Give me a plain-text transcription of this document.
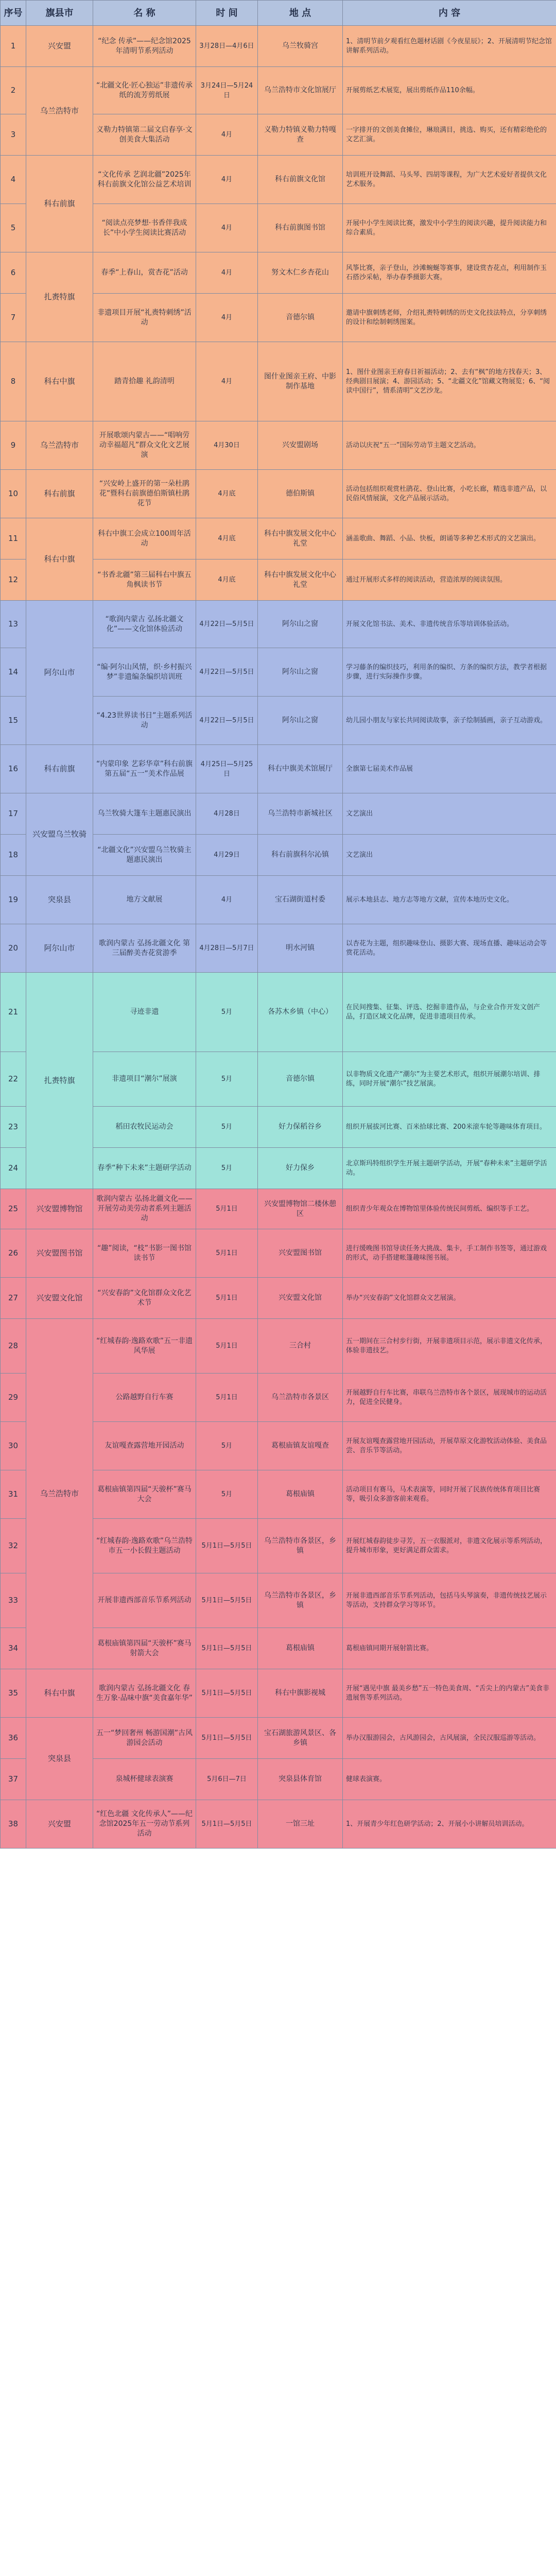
序号	旗县市	名 称	时 间	地 点	内 容
1	兴安盟	“纪念 传承”——纪念馆2025年清明节系列活动	3月28日—4月6日	乌兰牧骑宫	1、清明节前夕观看红色题材话剧《今夜星辰》；2、开展清明节纪念馆讲解系列活动。
2	乌兰浩特市	“北疆文化·匠心独运”非遗传承纸的流芳剪纸展	3月24日—5月24日	乌兰浩特市文化馆展厅	开展剪纸艺术展览，展出剪纸作品110余幅。
3		义勒力特镇第二届文启春享·文创美食大集活动	4月	义勒力特镇义勒力特嘎查	一字排开的文创美食摊位，琳琅满目，挑选、购买，还有精彩绝伦的文艺汇演。
4	科右前旗	“文化传承 艺润北疆”2025年科右前旗文化馆公益艺术培训	4月	科右前旗文化馆	培训班开设舞蹈、马头琴、四胡等课程，为广大艺术爱好者提供文化艺术服务。
5		“阅读点亮梦想·书香伴我成长”中小学生阅读比赛活动	4月	科右前旗图书馆	开展中小学生阅读比赛，激发中小学生的阅读兴趣，提升阅读能力和综合素质。
6	扎赉特旗	春季“上春山，赏杏花”活动	4月	努文木仁乡杏花山	风筝比赛，亲子登山，沙滩蜿蜒等赛事，建设赏杏花点，利用制作玉石搭沙采帖，举办春季摄影大赛。
7		非遗项目开展“礼赉特刺绣”活动	4月	音德尔镇	邀请中旗刺绣老师，介绍礼赉特刺绣的历史文化技法特点，分享刺绣的设计和绘制刺绣图案。
8	科右中旗	踏青拾趣 礼韵清明	4月	图什业图亲王府、中影制作基地	1、图什业图亲王府春日祈福活动；2、去有“枫”的地方找春天；3、经典剧目展演；4、游园活动；5、“北疆文化”馆藏文物展览；6、“阅读中国行”，情系清明”文艺沙龙。
9	乌兰浩特市	开展歌颂内蒙古——“唱响劳动幸福超凡”群众文化文艺展演	4月30日	兴安盟剧场	活动以庆祝“五一”国际劳动节主题文艺活动。
10	科右前旗	“兴安岭上盛开的第一朵杜鹃花”暨科右前旗德伯斯镇杜鹃花节	4月底	德伯斯镇	活动包括组织观赏杜鹃花、登山比赛，小吃长廊，精选非遗产品，以民俗风情展演，文化产品展示活动。
11	科右中旗	科右中旗工会成立100周年活动	4月底	科右中旗发展文化中心礼堂	涵盖歌曲、舞蹈、小品、快板，朗诵等多种艺术形式的文艺演出。
12		“书香北疆”第三届科右中旗五角枫读书节	4月底	科右中旗发展文化中心礼堂	通过开展形式多样的阅读活动，营造浓厚的阅读氛围。
13	阿尔山市	“歌润内蒙古 弘扬北疆文化”——文化馆体验活动	4月22日—5月5日	阿尔山之窗	开展文化馆书法、美术、非遗传统音乐等培训体验活动。
14		“编·阿尔山风情，织·乡村振兴梦”非遗编条编织培训班	4月22日—5月5日	阿尔山之窗	学习藤条的编织技巧，利用条的编织、方条的编织方法，教学者根据步骤，进行实际操作步骤。
15		“4.23世界读书日”主题系列活动	4月22日—5月5日	阿尔山之窗	幼儿园小朋友与家长共同阅读故事，亲子绘制插画，亲子互动游戏。
16	科右前旗	“内蒙印象 艺彩华章”科右前旗第五届“五一”美术作品展	4月25日—5月25日	科右中旗美术馆展厅	全旗第七届美术作品展
17	兴安盟乌兰牧骑	乌兰牧骑大篷车主题惠民演出	4月28日	乌兰浩特市新城社区	文艺演出
18		“北疆文化”兴安盟乌兰牧骑主题惠民演出	4月29日	科右前旗科尔沁镇	文艺演出
19	突泉县	地方文献展	4月	宝石湖街道村委	展示本地县志、地方志等地方文献，宣传本地历史文化。
20	阿尔山市	歌润内蒙古 弘扬北疆文化 第三届醉美杏花赏游季	4月28日—5月7日	明水河镇	以杏花为主题，组织趣味登山、摄影大赛、现场直播、趣味运动会等赏花活动。
21	扎赉特旗	寻迹非遗	5月	各苏木乡镇（中心）	在民间搜集、征集、评选、挖掘非遗作品，与企业合作开发文创产品，打造区域文化品牌，促进非遗项目传承。
22		非遗项目“潮尔”展演	5月	音德尔镇	以非物质文化遗产“潮尔”为主要艺术形式，组织开展潮尔培训、排练，同时开展“潮尔”技艺展演。
23		稻田农牧民运动会	5月	好力保稻谷乡	组织开展拔河比赛、百米拾球比赛、200米滚车轮等趣味体育项目。
24		春季“种下未来”主题研学活动	5月	好力保乡	北京斯玛特组织学生开展主题研学活动，开展“春种未来”主题研学活动。
25	兴安盟博物馆	歌润内蒙古 弘扬北疆文化——开展劳动美劳动者系列主题活动	5月1日	兴安盟博物馆二楼休憩区	组织青少年观众在博物馆里体验传统民间剪纸、编织等手工艺。
26	兴安盟图书馆	“趣”阅读，“枝”书影一图书馆读书节	5月1日	兴安盟图书馆	进行缓晚图书馆导读任务大挑战、集卡，手工制作书签等，通过游戏的形式，动手搭建帐篷趣味图书展。
27	兴安盟文化馆	“兴安春韵”文化馆群众文化艺术节	5月1日	兴安盟文化馆	举办“兴安春韵”文化馆群众文艺展演。
28	乌兰浩特市	“红城春韵·逸路欢歌”五一非遗风华展	5月1日	三合村	五一期间在三合村步行街，开展非遗项目示范，展示非遗文化传承，体验非遗技艺。
29		公路越野自行车赛	5月1日	乌兰浩特市各景区	开展越野自行车比赛，串联乌兰浩特市各个景区，展现城市的运动活力，促进全民健身。
30		友谊嘎查露营地开园活动	5月	葛根庙镇友谊嘎查	开展友谊嘎查露营地开园活动，开展草原文化游牧活动体验、美食品尝、音乐节等活动。
31		葛根庙镇第四届“天骏杯”赛马大会	5月	葛根庙镇	活动项目有赛马，马术表演等，同时开展了民族传统体育项目比赛等，吸引众多游客前来观看。
32		“红城春韵·逸路欢歌”乌兰浩特市五一小长假主题活动	5月1日—5月5日	乌兰浩特市各景区，乡镇	开展红城春韵徒步寻芳，五一衣服派对，非遗文化展示等系列活动，提升城市形象，更好满足群众需求。
33		开展非遗西部音乐节系列活动	5月1日—5月5日	乌兰浩特市各景区，乡镇	开展非遗西部音乐节系列活动，包括马头琴演奏，非遗传统技艺展示等活动，支持群众学习等环节。
34		葛根庙镇第四届“天骏杯”赛马射箭大会	5月1日—5月5日	葛根庙镇	葛根庙镇同期开展射箭比赛。
35	科右中旗	歌润内蒙古 弘扬北疆文化 春生万象·品味中旗“美食嘉年华”	5月1日—5月5日	科右中旗影视城	开展“遇见中旗 最美乡愁”五一特色美食周、“舌尖上的内蒙古”美食非遗展售等系列活动。
36	突泉县	五一“梦回奢州 畅游国潮”古风游园会活动	5月1日—5月5日	宝石湖旅游风景区、各乡镇	举办汉服游园会，古风游园会，古风展演，全民汉服巡游等活动。
37		泉城杯健球表演赛	5月6日—7日	突泉县体育馆	健球表演赛。
38	兴安盟	“红色北疆 文化传承人”——纪念馆2025年五一劳动节系列活动	5月1日—5月5日	一馆三址	1、开展青少年红色研学活动；2、开展小小讲解员培训活动。
